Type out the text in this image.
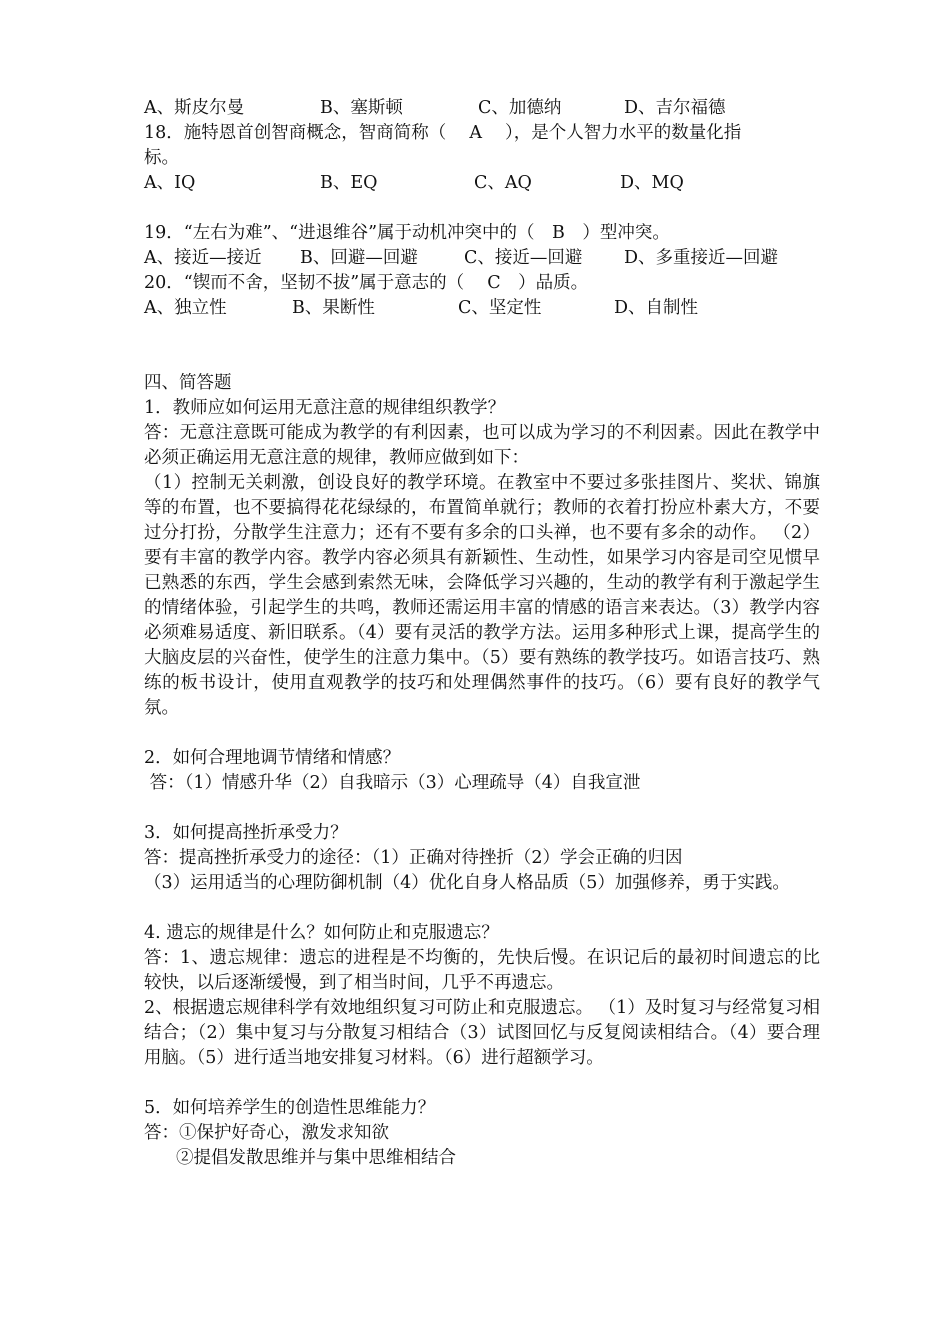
A、斯皮尔曼	B、塞斯顿	C、加德纳	D、吉尔福德
18．施特恩首创智商概念，智商简称（　 A 　），是个人智力水平的数量化指
标。
A、IQ	B、EQ	C、AQ	D、MQ
19．“左右为难”、“进退维谷”属于动机冲突中的（　B　）型冲突。
A、接近—接近	B、回避—回避	C、接近—回避	D、多重接近—回避
20．“锲而不舍，坚韧不拔”属于意志的（　 C　）品质。
A、独立性	B、果断性	C、坚定性	D、自制性
四、简答题
1．教师应如何运用无意注意的规律组织教学？
答：无意注意既可能成为教学的有利因素，也可以成为学习的不利因素。因此在教学中必须正确运用无意注意的规律，教师应做到如下：
（1）控制无关刺激，创设良好的教学环境。在教室中不要过多张挂图片、奖状、锦旗等的布置，也不要搞得花花绿绿的，布置简单就行；教师的衣着打扮应朴素大方，不要过分打扮，分散学生注意力；还有不要有多余的口头禅，也不要有多余的动作。 （2）要有丰富的教学内容。教学内容必须具有新颖性、生动性，如果学习内容是司空见惯早已熟悉的东西，学生会感到索然无味，会降低学习兴趣的，生动的教学有利于激起学生的情绪体验，引起学生的共鸣，教师还需运用丰富的情感的语言来表达。（3）教学内容必须难易适度、新旧联系。（4）要有灵活的教学方法。运用多种形式上课，提高学生的大脑皮层的兴奋性，使学生的注意力集中。（5）要有熟练的教学技巧。如语言技巧、熟练的板书设计，使用直观教学的技巧和处理偶然事件的技巧。（6）要有良好的教学气氛。
2．如何合理地调节情绪和情感？
答：（1）情感升华（2）自我暗示（3）心理疏导（4）自我宣泄
3．如何提高挫折承受力？
答：提高挫折承受力的途径：（1）正确对待挫折（2）学会正确的归因
（3）运用适当的心理防御机制（4）优化自身人格品质（5）加强修养，勇于实践。
4. 遗忘的规律是什么？如何防止和克服遗忘？
答：1、遗忘规律：遗忘的进程是不均衡的，先快后慢。在识记后的最初时间遗忘的比较快，以后逐渐缓慢，到了相当时间，几乎不再遗忘。
2、根据遗忘规律科学有效地组织复习可防止和克服遗忘。 （1）及时复习与经常复习相结合；（2）集中复习与分散复习相结合（3）试图回忆与反复阅读相结合。（4）要合理用脑。（5）进行适当地安排复习材料。（6）进行超额学习。
5．如何培养学生的创造性思维能力？
答：①保护好奇心，激发求知欲
②提倡发散思维并与集中思维相结合
